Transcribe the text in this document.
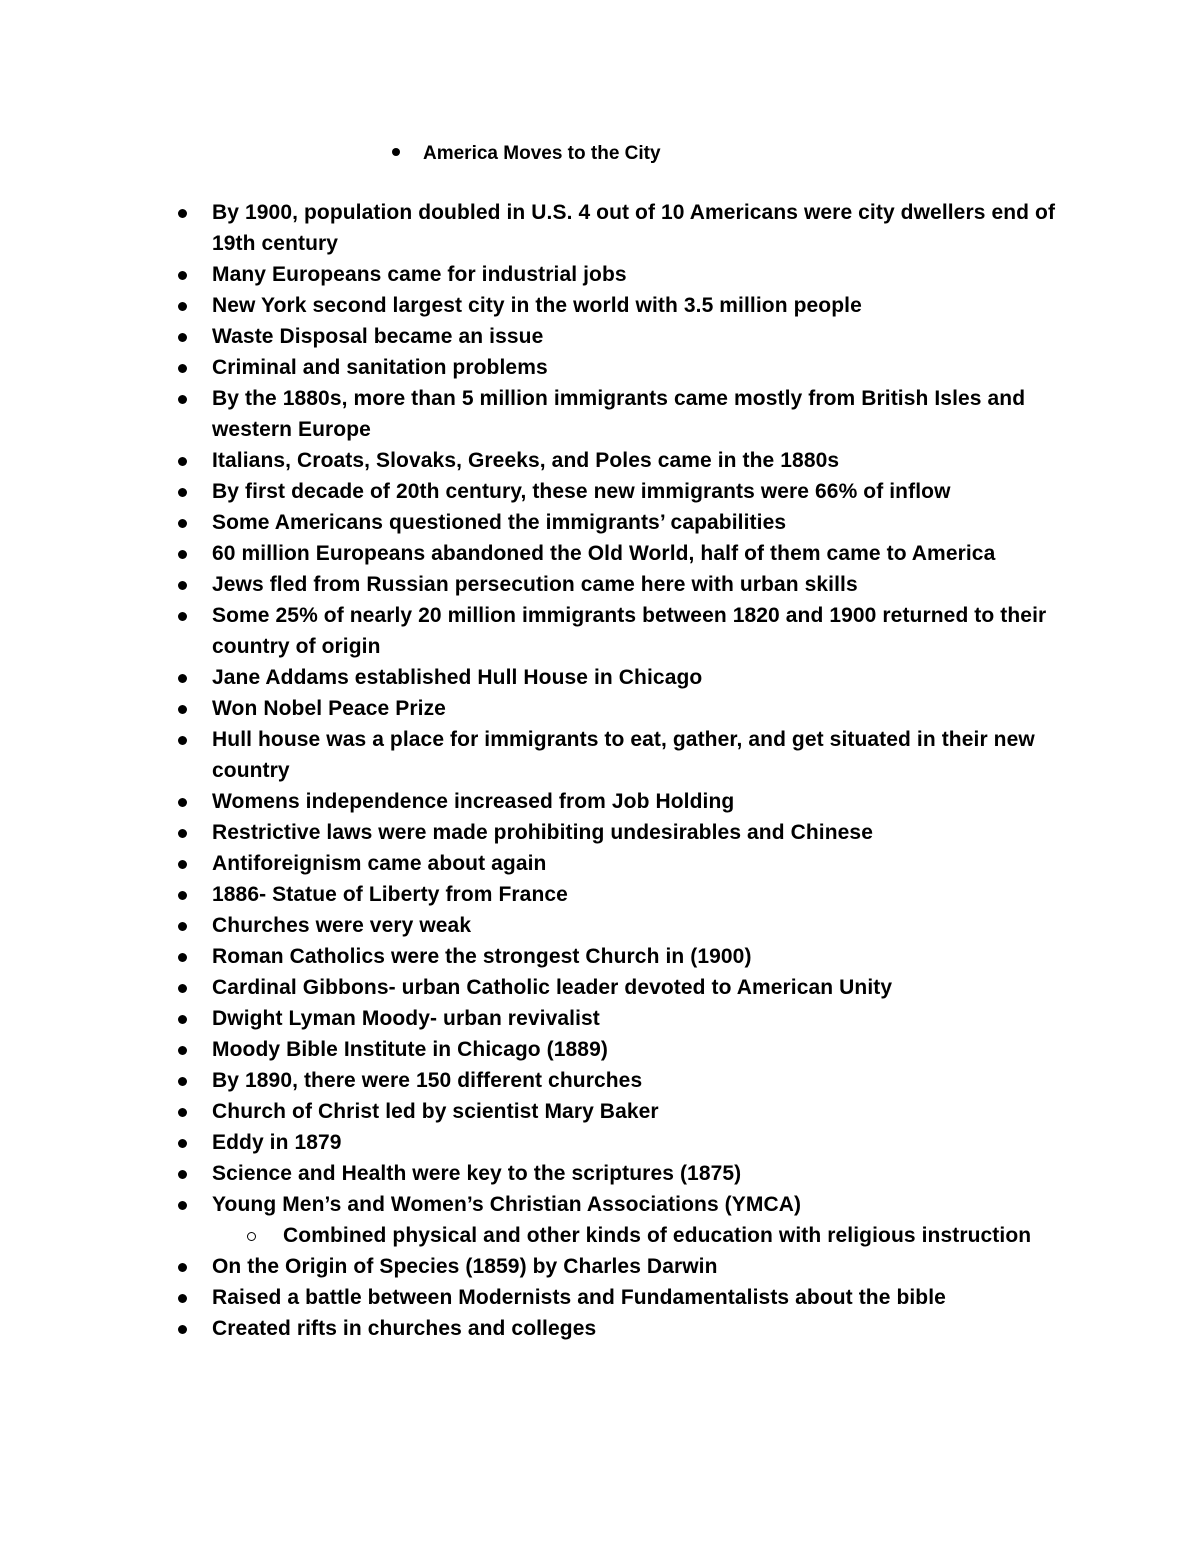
America Moves to the City
By 1900, population doubled in U.S. 4 out of 10 Americans were city dwellers end of 19th century
Many Europeans came for industrial jobs
New York second largest city in the world with 3.5 million people
Waste Disposal became an issue
Criminal and sanitation problems
By the 1880s, more than 5 million immigrants came mostly from British Isles and western Europe
Italians, Croats, Slovaks, Greeks, and Poles came in the 1880s
By first decade of 20th century, these new immigrants were 66% of inflow
Some Americans questioned the immigrants’ capabilities
60 million Europeans abandoned the Old World, half of them came to America
Jews fled from Russian persecution came here with urban skills
Some 25% of nearly 20 million immigrants between 1820 and 1900 returned to their country of origin
Jane Addams established Hull House in Chicago
Won Nobel Peace Prize
Hull house was a place for immigrants to eat, gather, and get situated in their new country
Womens independence increased from Job Holding
Restrictive laws were made prohibiting undesirables and Chinese
Antiforeignism came about again
1886- Statue of Liberty from France
Churches were very weak
Roman Catholics were the strongest Church in (1900)
Cardinal Gibbons- urban Catholic leader devoted to American Unity
Dwight Lyman Moody- urban revivalist
Moody Bible Institute in Chicago (1889)
By 1890, there were 150 different churches
Church of Christ led by scientist Mary Baker
Eddy in 1879
Science and Health were key to the scriptures (1875)
Young Men’s and Women’s Christian Associations (YMCA)
Combined physical and other kinds of education with religious instruction
On the Origin of Species (1859) by Charles Darwin
Raised a battle between Modernists and Fundamentalists about the bible
Created rifts in churches and colleges
